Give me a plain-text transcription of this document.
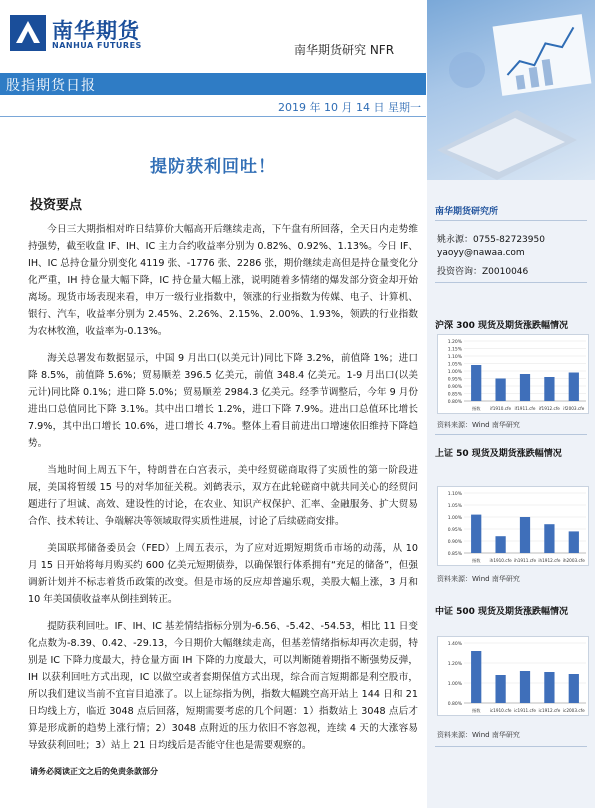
南华期货
NANHUA FUTURES	南华期货研究 NFR
股指期货日报
2019 年 10 月 14 日 星期一
提防获利回吐！
投资要点

今日三大期指相对昨日结算价大幅高开后继续走高，下午盘有所回落，全天日内走势维持强势，截至收盘 IF、IH、IC 主力合约收益率分别为 0.82%、0.92%、1.13%。今日 IF、IH、IC 总持仓量分别变化 4119 张、-1776 张、2286 张，期价继续走高但是持仓量变化分化严重，IH 持仓量大幅下降，IC 持仓量大幅上涨，说明随着多情绪的爆发部分资金却开始离场。现货市场表现来看，申万一级行业指数中，领涨的行业指数为传媒、电子、计算机、银行、汽车，收益率分别为 2.45%、2.26%、2.15%、2.00%、1.93%，领跌的行业指数为农林牧渔，收益率为-0.13%。

海关总署发布数据显示，中国 9 月出口(以美元计)同比下降 3.2%，前值降 1%；进口降 8.5%，前值降 5.6%；贸易顺差 396.5 亿美元，前值 348.4 亿美元。1-9 月出口(以美元计)同比降 0.1%；进口降 5.0%；贸易顺差 2984.3 亿美元。经季节调整后，今年 9 月份进出口总值同比下降 3.1%。其中出口增长 1.2%，进口下降 7.9%。进出口总值环比增长 7.9%，其中出口增长 10.6%，进口增长 4.7%。整体上看目前进出口增速依旧维持下降趋势。

当地时间上周五下午，特朗普在白宫表示，美中经贸磋商取得了实质性的第一阶段进展，美国将暂缓 15 号的对华加征关税。刘鹤表示，双方在此轮磋商中就共同关心的经贸问题进行了坦诚、高效、建设性的讨论，在农业、知识产权保护、汇率、金融服务、扩大贸易合作、技术转让、争端解决等领域取得实质性进展，讨论了后续磋商安排。

美国联邦储备委员会（FED）上周五表示，为了应对近期短期货币市场的动荡，从 10 月 15 日开始将每月购买约 600 亿美元短期债券，以确保银行体系拥有“充足的储备”，但强调新计划并不标志着货币政策的改变。但是市场的反应却普遍乐观，美股大幅上涨，3 月和 10 年美国债收益率从倒挂到转正。

提防获利回吐。IF、IH、IC 基差情结指标分别为-6.56、-5.42、-54.53，相比 11 日变化点数为-8.39、0.42、-29.13，今日期价大幅继续走高，但基差情绪指标却再次走弱，特别是 IC 下降力度最大，持仓量方面 IH 下降的力度最大，可以判断随着期指不断强势反弹，IH 以获利回吐方式出现，IC 以做空或者套期保值方式出现，综合而言短期都是利空股市，所以我们建议当前不宜盲目追涨了。以上证综指为例，指数大幅跳空高开站上 144 日和 21 日均线上方，临近 3048 点后回落，短期需要考虑的几个问题：1）指数站上 3048 点后才算是形成新的趋势上涨行情；2）3048 点附近的压力依旧不容忽视，连续 4 天的大涨容易导致获利回吐；3）站上 21 日均线后是否能守住也是需要观察的。

请务必阅读正文之后的免责条款部分
南华期货研究所
姚永源：0755-82723950
yaoyy@nawaa.com
投资咨询：Z0010046
沪深 300 现货及期货涨跌幅情况
0.80%
0.85%
0.90%
0.95%
1.00%
1.05%
1.10%
1.15%
1.20%
指数 if1910.cfe if1911.cfe if1912.cfe if2003.cfe
资料来源：Wind 南华研究
上证 50 现货及期货涨跌幅情况
0.85%
0.90%
0.95%
1.00%
1.05%
1.10%
指数 ih1910.cfe ih1911.cfe ih1912.cfe ih2003.cfe
资料来源：Wind 南华研究
中证 500 现货及期货涨跌幅情况
0.80%
1.00%
1.20%
1.40%
指数 ic1910.cfe ic1911.cfe ic1912.cfe ic2003.cfe
资料来源：Wind 南华研究
